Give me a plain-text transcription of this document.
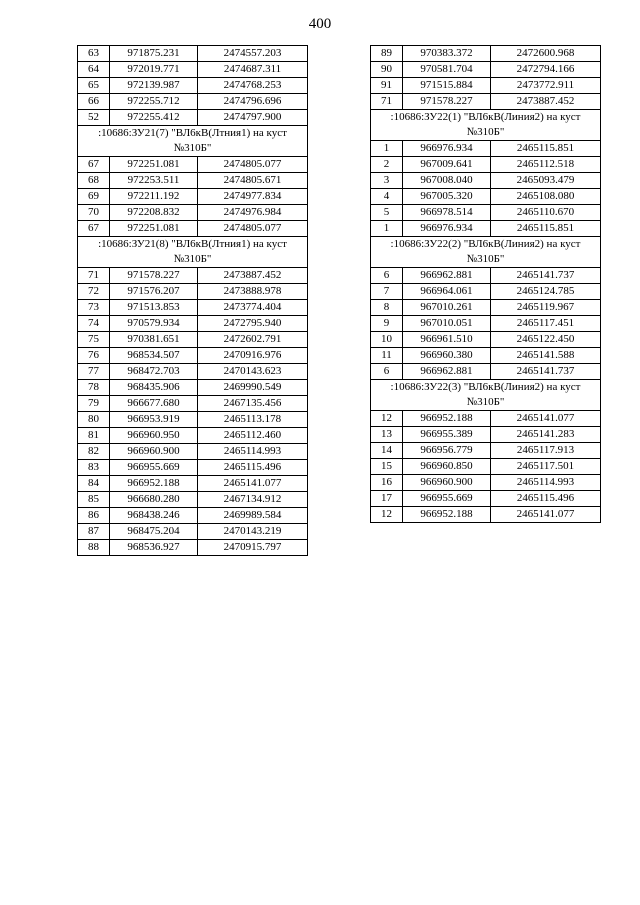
400
63	971875.231	2474557.203
64	972019.771	2474687.311
65	972139.987	2474768.253
66	972255.712	2474796.696
52	972255.412	2474797.900
:10686:ЗУ21(7) "ВЛ6кВ(Лтния1) на куст №310Б"		
67	972251.081	2474805.077
68	972253.511	2474805.671
69	972211.192	2474977.834
70	972208.832	2474976.984
67	972251.081	2474805.077
:10686:ЗУ21(8) "ВЛ6кВ(Лтния1) на куст №310Б"		
71	971578.227	2473887.452
72	971576.207	2473888.978
73	971513.853	2473774.404
74	970579.934	2472795.940
75	970381.651	2472602.791
76	968534.507	2470916.976
77	968472.703	2470143.623
78	968435.906	2469990.549
79	966677.680	2467135.456
80	966953.919	2465113.178
81	966960.950	2465112.460
82	966960.900	2465114.993
83	966955.669	2465115.496
84	966952.188	2465141.077
85	966680.280	2467134.912
86	968438.246	2469989.584
87	968475.204	2470143.219
88	968536.927	2470915.797
89	970383.372	2472600.968
90	970581.704	2472794.166
91	971515.884	2473772.911
71	971578.227	2473887.452
:10686:ЗУ22(1) "ВЛ6кВ(Линия2) на куст №310Б"		
1	966976.934	2465115.851
2	967009.641	2465112.518
3	967008.040	2465093.479
4	967005.320	2465108.080
5	966978.514	2465110.670
1	966976.934	2465115.851
:10686:ЗУ22(2) "ВЛ6кВ(Линия2) на куст №310Б"		
6	966962.881	2465141.737
7	966964.061	2465124.785
8	967010.261	2465119.967
9	967010.051	2465117.451
10	966961.510	2465122.450
11	966960.380	2465141.588
6	966962.881	2465141.737
:10686:ЗУ22(3) "ВЛ6кВ(Линия2) на куст №310Б"		
12	966952.188	2465141.077
13	966955.389	2465141.283
14	966956.779	2465117.913
15	966960.850	2465117.501
16	966960.900	2465114.993
17	966955.669	2465115.496
12	966952.188	2465141.077
